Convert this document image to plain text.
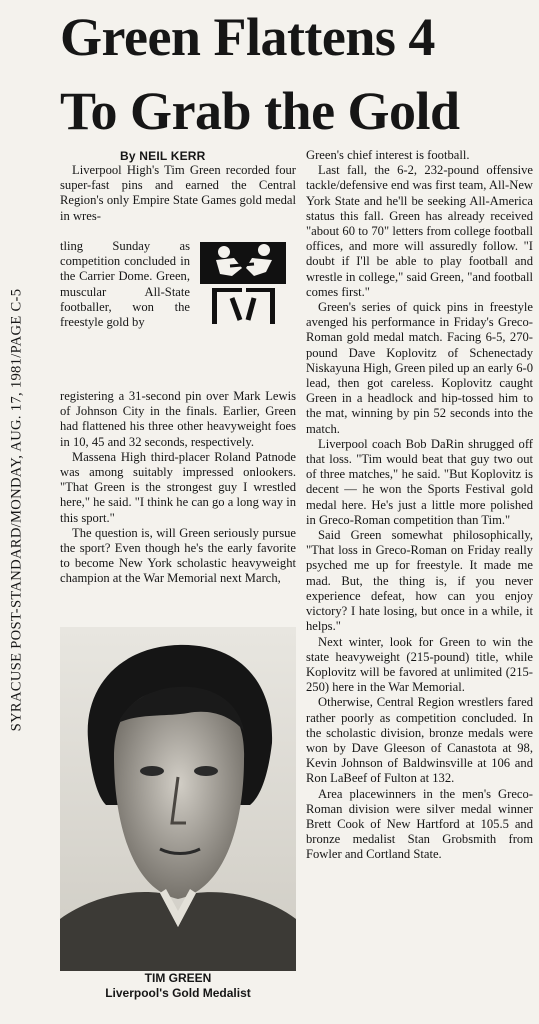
SYRACUSE POST-STANDARD/MONDAY, AUG. 17, 1981/PAGE C-5
Green Flattens 4
To Grab the Gold
By NEIL KERR

Liverpool High's Tim Green recorded four super-fast pins and earned the Central Region's only Empire State Games gold medal in wres-

tling Sunday as competition concluded in the Carrier Dome. Green, muscular All-State footballer, won the freestyle gold by

registering a 31-second pin over Mark Lewis of Johnson City in the finals. Earlier, Green had flattened his three other heavyweight foes in 10, 45 and 32 seconds, respectively.

Massena High third-placer Roland Patnode was among suitably impressed onlookers. "That Green is the strongest guy I wrestled here," he said. "I think he can go a long way in this sport."

The question is, will Green seriously pursue the sport? Even though he's the early favorite to become New York scholastic heavyweight champion at the War Memorial next March,

TIM GREEN
Liverpool's Gold Medalist

Green's chief interest is football.

Last fall, the 6-2, 232-pound offensive tackle/defensive end was first team, All-New York State and he'll be seeking All-America status this fall. Green has already received "about 60 to 70" letters from college football offices, and more will assuredly follow. "I doubt if I'll be able to play football and wrestle in college," said Green, "and football comes first."

Green's series of quick pins in freestyle avenged his performance in Friday's Greco-Roman gold medal match. Facing 6-5, 270-pound Dave Koplovitz of Schenectady Niskayuna High, Green piled up an early 6-0 lead, then got careless. Koplovitz caught Green in a headlock and hip-tossed him to the mat, winning by pin 52 seconds into the match.

Liverpool coach Bob DaRin shrugged off that loss. "Tim would beat that guy two out of three matches," he said. "But Koplovitz is decent — he won the Sports Festival gold medal here. He's just a little more polished in Greco-Roman competition than Tim."

Said Green somewhat philosophically, "That loss in Greco-Roman on Friday really psyched me up for freestyle. It made me mad. But, the thing is, if you never experience defeat, how can you enjoy victory? I hate losing, but once in a while, it helps."

Next winter, look for Green to win the state heavyweight (215-pound) title, while Koplovitz will be favored at unlimited (215-250) here in the War Memorial.

Otherwise, Central Region wrestlers fared rather poorly as competition concluded. In the scholastic division, bronze medals were won by Dave Gleeson of Canastota at 98, Kevin Johnson of Baldwinsville at 106 and Ron LaBeef of Fulton at 132.

Area placewinners in the men's Greco-Roman division were silver medal winner Brett Cook of New Hartford at 105.5 and bronze medalist Stan Grobsmith from Fowler and Cortland State.
